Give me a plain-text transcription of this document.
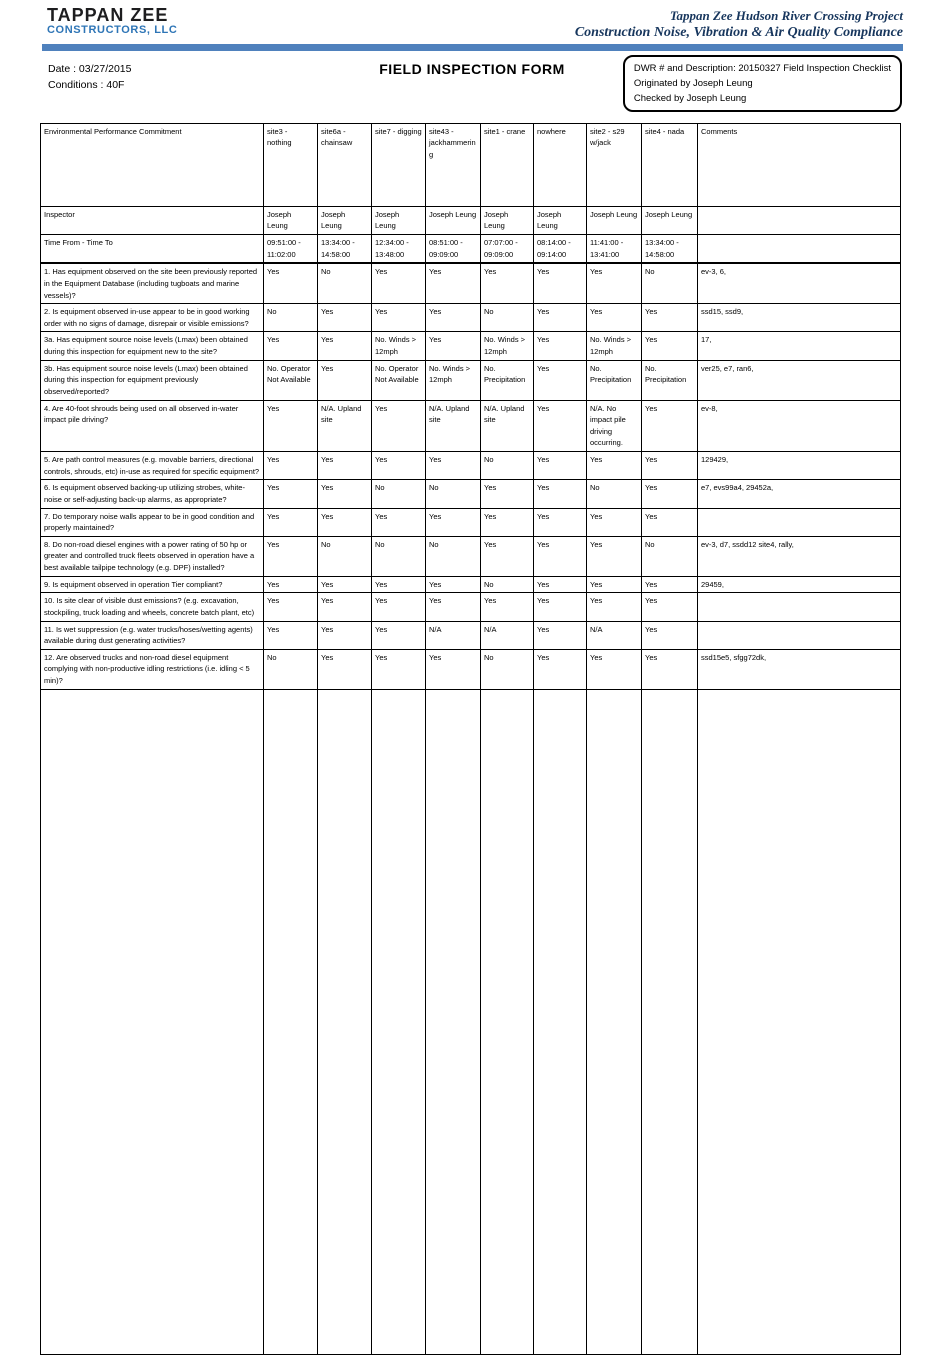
TAPPAN ZEE
CONSTRUCTORS, LLC
Tappan Zee Hudson River Crossing Project
Construction Noise, Vibration & Air Quality Compliance
Date : 03/27/2015
Conditions : 40F
FIELD INSPECTION FORM	DWR # and Description: 20150327 Field Inspection Checklist
Originated by Joseph Leung
Checked by Joseph Leung
Environmental Performance Commitment	site3 - nothing	site6a - chainsaw	site7 - digging	site43 - jackhammering	site1 - crane	nowhere	site2 - s29 w/jack	site4 - nada	Comments
Inspector	Joseph Leung	Joseph Leung	Joseph Leung	Joseph Leung	Joseph Leung	Joseph Leung	Joseph Leung	Joseph Leung	
Time From - Time To	09:51:00 - 11:02:00	13:34:00 - 14:58:00	12:34:00 - 13:48:00	08:51:00 - 09:09:00	07:07:00 - 09:09:00	08:14:00 - 09:14:00	11:41:00 - 13:41:00	13:34:00 - 14:58:00	
1. Has equipment observed on the site been previously reported in the Equipment Database (including tugboats and marine vessels)?	Yes	No	Yes	Yes	Yes	Yes	Yes	No	ev-3, 6,
2. Is equipment observed in-use appear to be in good working order with no signs of damage, disrepair or visible emissions?	No	Yes	Yes	Yes	No	Yes	Yes	Yes	ssd15, ssd9,
3a. Has equipment source noise levels (Lmax) been obtained during this inspection for equipment new to the site?	Yes	Yes	No. Winds > 12mph	Yes	No. Winds > 12mph	Yes	No. Winds > 12mph	Yes	17,
3b. Has equipment source noise levels (Lmax) been obtained during this inspection for equipment previously observed/reported?	No. Operator Not Available	Yes	No. Operator Not Available	No. Winds > 12mph	No. Precipitation	Yes	No. Precipitation	No. Precipitation	ver25, e7, ran6,
4. Are 40-foot shrouds being used on all observed in-water impact pile driving?	Yes	N/A. Upland site	Yes	N/A. Upland site	N/A. Upland site	Yes	N/A. No impact pile driving occurring.	Yes	ev-8,
5. Are path control measures (e.g. movable barriers, directional controls, shrouds, etc) in-use as required for specific equipment?	Yes	Yes	Yes	Yes	No	Yes	Yes	Yes	129429,
6. Is equipment observed backing-up utilizing strobes, white-noise or self-adjusting back-up alarms, as appropriate?	Yes	Yes	No	No	Yes	Yes	No	Yes	e7, evs99a4, 29452a,
7. Do temporary noise walls appear to be in good condition and properly maintained?	Yes	Yes	Yes	Yes	Yes	Yes	Yes	Yes	
8. Do non-road diesel engines with a power rating of 50 hp or greater and controlled truck fleets observed in operation have a best available tailpipe technology (e.g. DPF) installed?	Yes	No	No	No	Yes	Yes	Yes	No	ev-3, d7, ssdd12 site4, rally,
9. Is equipment observed in operation Tier compliant?	Yes	Yes	Yes	Yes	No	Yes	Yes	Yes	29459,
10. Is site clear of visible dust emissions? (e.g. excavation, stockpiling, truck loading and wheels, concrete batch plant, etc)	Yes	Yes	Yes	Yes	Yes	Yes	Yes	Yes	
11. Is wet suppression (e.g. water trucks/hoses/wetting agents) available during dust generating activities?	Yes	Yes	Yes	N/A	N/A	Yes	N/A	Yes	
12. Are observed trucks and non-road diesel equipment complying with non-productive idling restrictions (i.e. idling < 5 min)?	No	Yes	Yes	Yes	No	Yes	Yes	Yes	ssd15e5, sfgg72dk,
